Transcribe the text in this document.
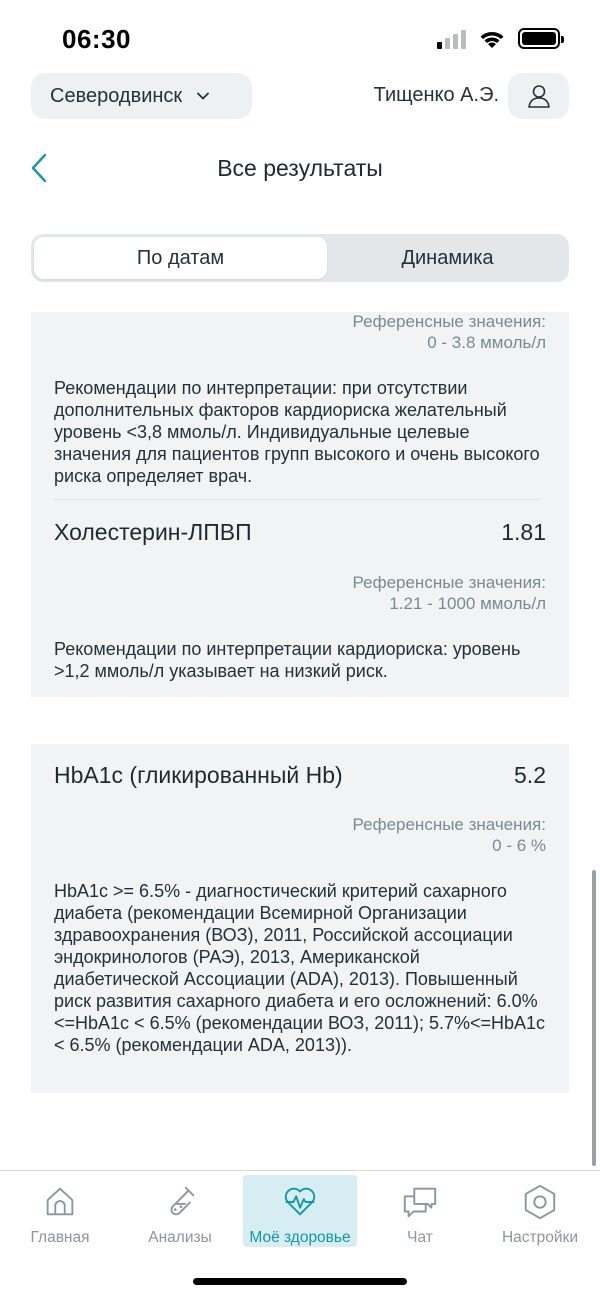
06:30
Северодвинск	Тищенко А.Э.
Все результаты
По датам	Динамика
Референсные значения:
0 - 3.8 ммоль/л
Рекомендации по интерпретации: при отсутствии дополнительных факторов кардиориска желательный уровень <3,8 ммоль/л. Индивидуальные целевые значения для пациентов групп высокого и очень высокого риска определяет врач.
Холестерин-ЛПВП	1.81
Референсные значения:
1.21 - 1000 ммоль/л
Рекомендации по интерпретации кардиориска: уровень >1,2 ммоль/л указывает на низкий риск.
HbA1c (гликированный Hb)	5.2
Референсные значения:
0 - 6 %
HbA1c >= 6.5% - диагностический критерий сахарного диабета (рекомендации Всемирной Организации здравоохранения (ВОЗ), 2011, Российской ассоциации эндокринологов (РАЭ), 2013, Американской диабетической Ассоциации (ADA), 2013). Повышенный риск развития сахарного диабета и его осложнений: 6.0%<=HbA1c < 6.5% (рекомендации ВОЗ, 2011); 5.7%<=HbA1c < 6.5% (рекомендации ADA, 2013)).
Главная	Анализы Моё здоровье	Чат	Настройки
